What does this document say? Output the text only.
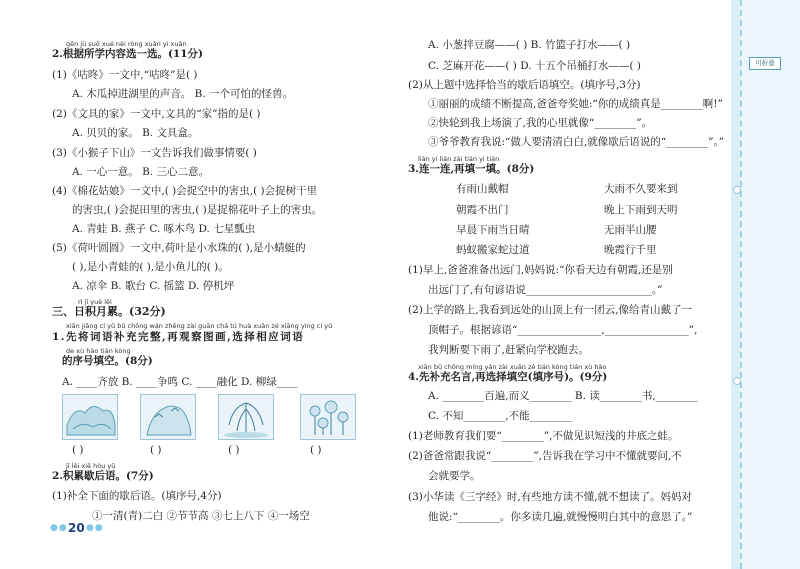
可折叠
gēn jù suǒ xué nèi róng xuǎn yi xuǎn
2.根据所学内容选一选。(11分)
(1)《咕咚》一文中,“咕咚”是( )
A. 木瓜掉进湖里的声音。 B. 一个可怕的怪兽。
(2)《文具的家》一文中,文具的“家”指的是( )
A. 贝贝的家。 B. 文具盒。
(3)《小猴子下山》一文告诉我们做事情要( )
A. 一心一意。 B. 三心二意。
(4)《棉花姑娘》一文中,( )会捉空中的害虫,( )会捉树干里
的害虫,( )会捉田里的害虫,( )是捉棉花叶子上的害虫。
A. 青蛙 B. 燕子 C. 啄木鸟 D. 七星瓢虫
(5)《荷叶圆圆》一文中,荷叶是小水珠的( ),是小蜻蜓的
( ),是小青蛙的( ),是小鱼儿的( )。
A. 凉伞 B. 歌台 C. 摇篮 D. 停机坪
rì jī yuè lěi
三、日积月累。(32分)
xiān jiǎng cí yǔ bǔ chōng wán zhěng zài guān chá tú huà xuǎn zé xiāng yìng cí yǔ
1.先将词语补充完整,再观察图画,选择相应词语
de xù hào tián kòng
的序号填空。(8分)
A. ____齐放 B. ____争鸣 C. ____融化 D. 柳绿____
( )	( )	( )	( )
jī lěi xiē hòu yǔ
2.积累歇后语。(7分)
(1)补全下面的歇后语。(填序号,4分)
①一清(青)二白 ②节节高 ③七上八下 ④一场空
●● 20 ●●
A. 小葱拌豆腐——( ) B. 竹篮子打水——( )
C. 芝麻开花——( ) D. 十五个吊桶打水——( )
(2)从上题中选择恰当的歇后语填空。(填序号,3分)
①丽丽的成绩不断提高,爸爸夸奖她:“你的成绩真是________啊!”
②快轮到我上场演了,我的心里就像“________”。
③爷爷教育我说:“做人要清清白白,就像歇后语说的“________”。”
lián yi lián zài tián yi tián
3.连一连,再填一填。(8分)
有雨山戴帽
朝霞不出门
早晨下雨当日晴
蚂蚁搬家蛇过道
大雨不久要来到
晚上下雨到天明
无雨半山腰
晚霞行千里
(1)早上,爸爸准备出远门,妈妈说:“你看天边有朝霞,还是别
出远门了,有句谚语说________________________。”
(2)上学的路上,我看到远处的山顶上有一团云,像给青山戴了一
顶帽子。根据谚语“________________,________________”,
我判断要下雨了,赶紧向学校跑去。
xiān bǔ chōng míng yán zài xuǎn zé tián kòng tián xù hào
4.先补充名言,再选择填空(填序号)。(9分)
A. ________百遍,而义________ B. 读________书,________
C. 不知________,不能________
(1)老师教育我们要“________”,不做见识短浅的井底之蛙。
(2)爸爸常跟我说“________”,告诉我在学习中不懂就要问,不
会就要学。
(3)小华读《三字经》时,有些地方读不懂,就不想读了。妈妈对
他说:“________。你多读几遍,就慢慢明白其中的意思了。”
